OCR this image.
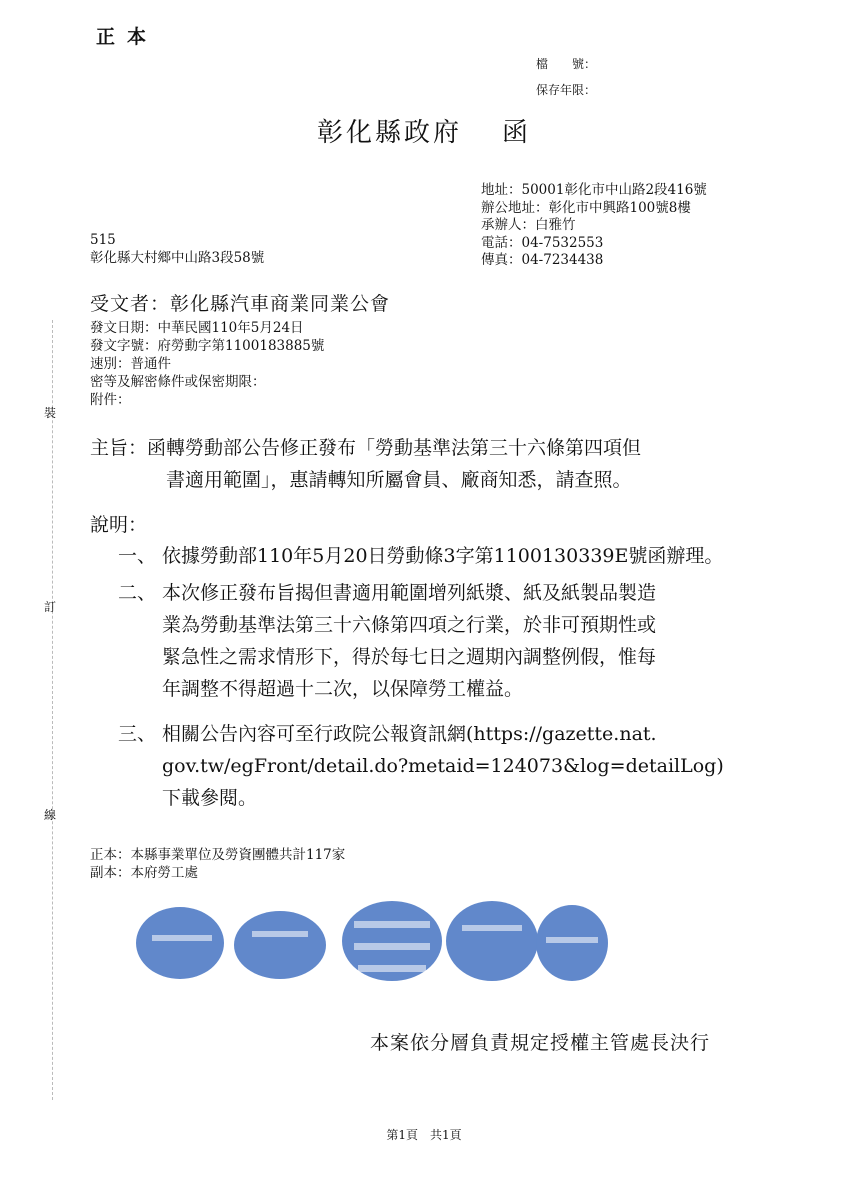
正本
檔　　號：
保存年限：
彰化縣政府 函
地址：50001彰化市中山路2段416號
辦公地址：彰化市中興路100號8樓
承辦人：白雅竹
電話：04-7532553
傳真：04-7234438
515
彰化縣大村鄉中山路3段58號
受文者：彰化縣汽車商業同業公會
發文日期：中華民國110年5月24日
發文字號：府勞動字第1100183885號
速別：普通件
密等及解密條件或保密期限：
附件：
裝
訂
線
主旨：函轉勞動部公告修正發布「勞動基準法第三十六條第四項但
書適用範圍」，惠請轉知所屬會員、廠商知悉，請查照。
說明：
一、 依據勞動部110年5月20日勞動條3字第1100130339E號函辦理。
二、 本次修正發布旨揭但書適用範圍增列紙漿、紙及紙製品製造
業為勞動基準法第三十六條第四項之行業，於非可預期性或
緊急性之需求情形下，得於每七日之週期內調整例假，惟每
年調整不得超過十二次，以保障勞工權益。
三、 相關公告內容可至行政院公報資訊網(https://gazette.nat.
gov.tw/egFront/detail.do?metaid=124073&log=detailLog)
下載參閱。
正本：本縣事業單位及勞資團體共計117家
副本：本府勞工處
本案依分層負責規定授權主管處長決行
第1頁　共1頁
